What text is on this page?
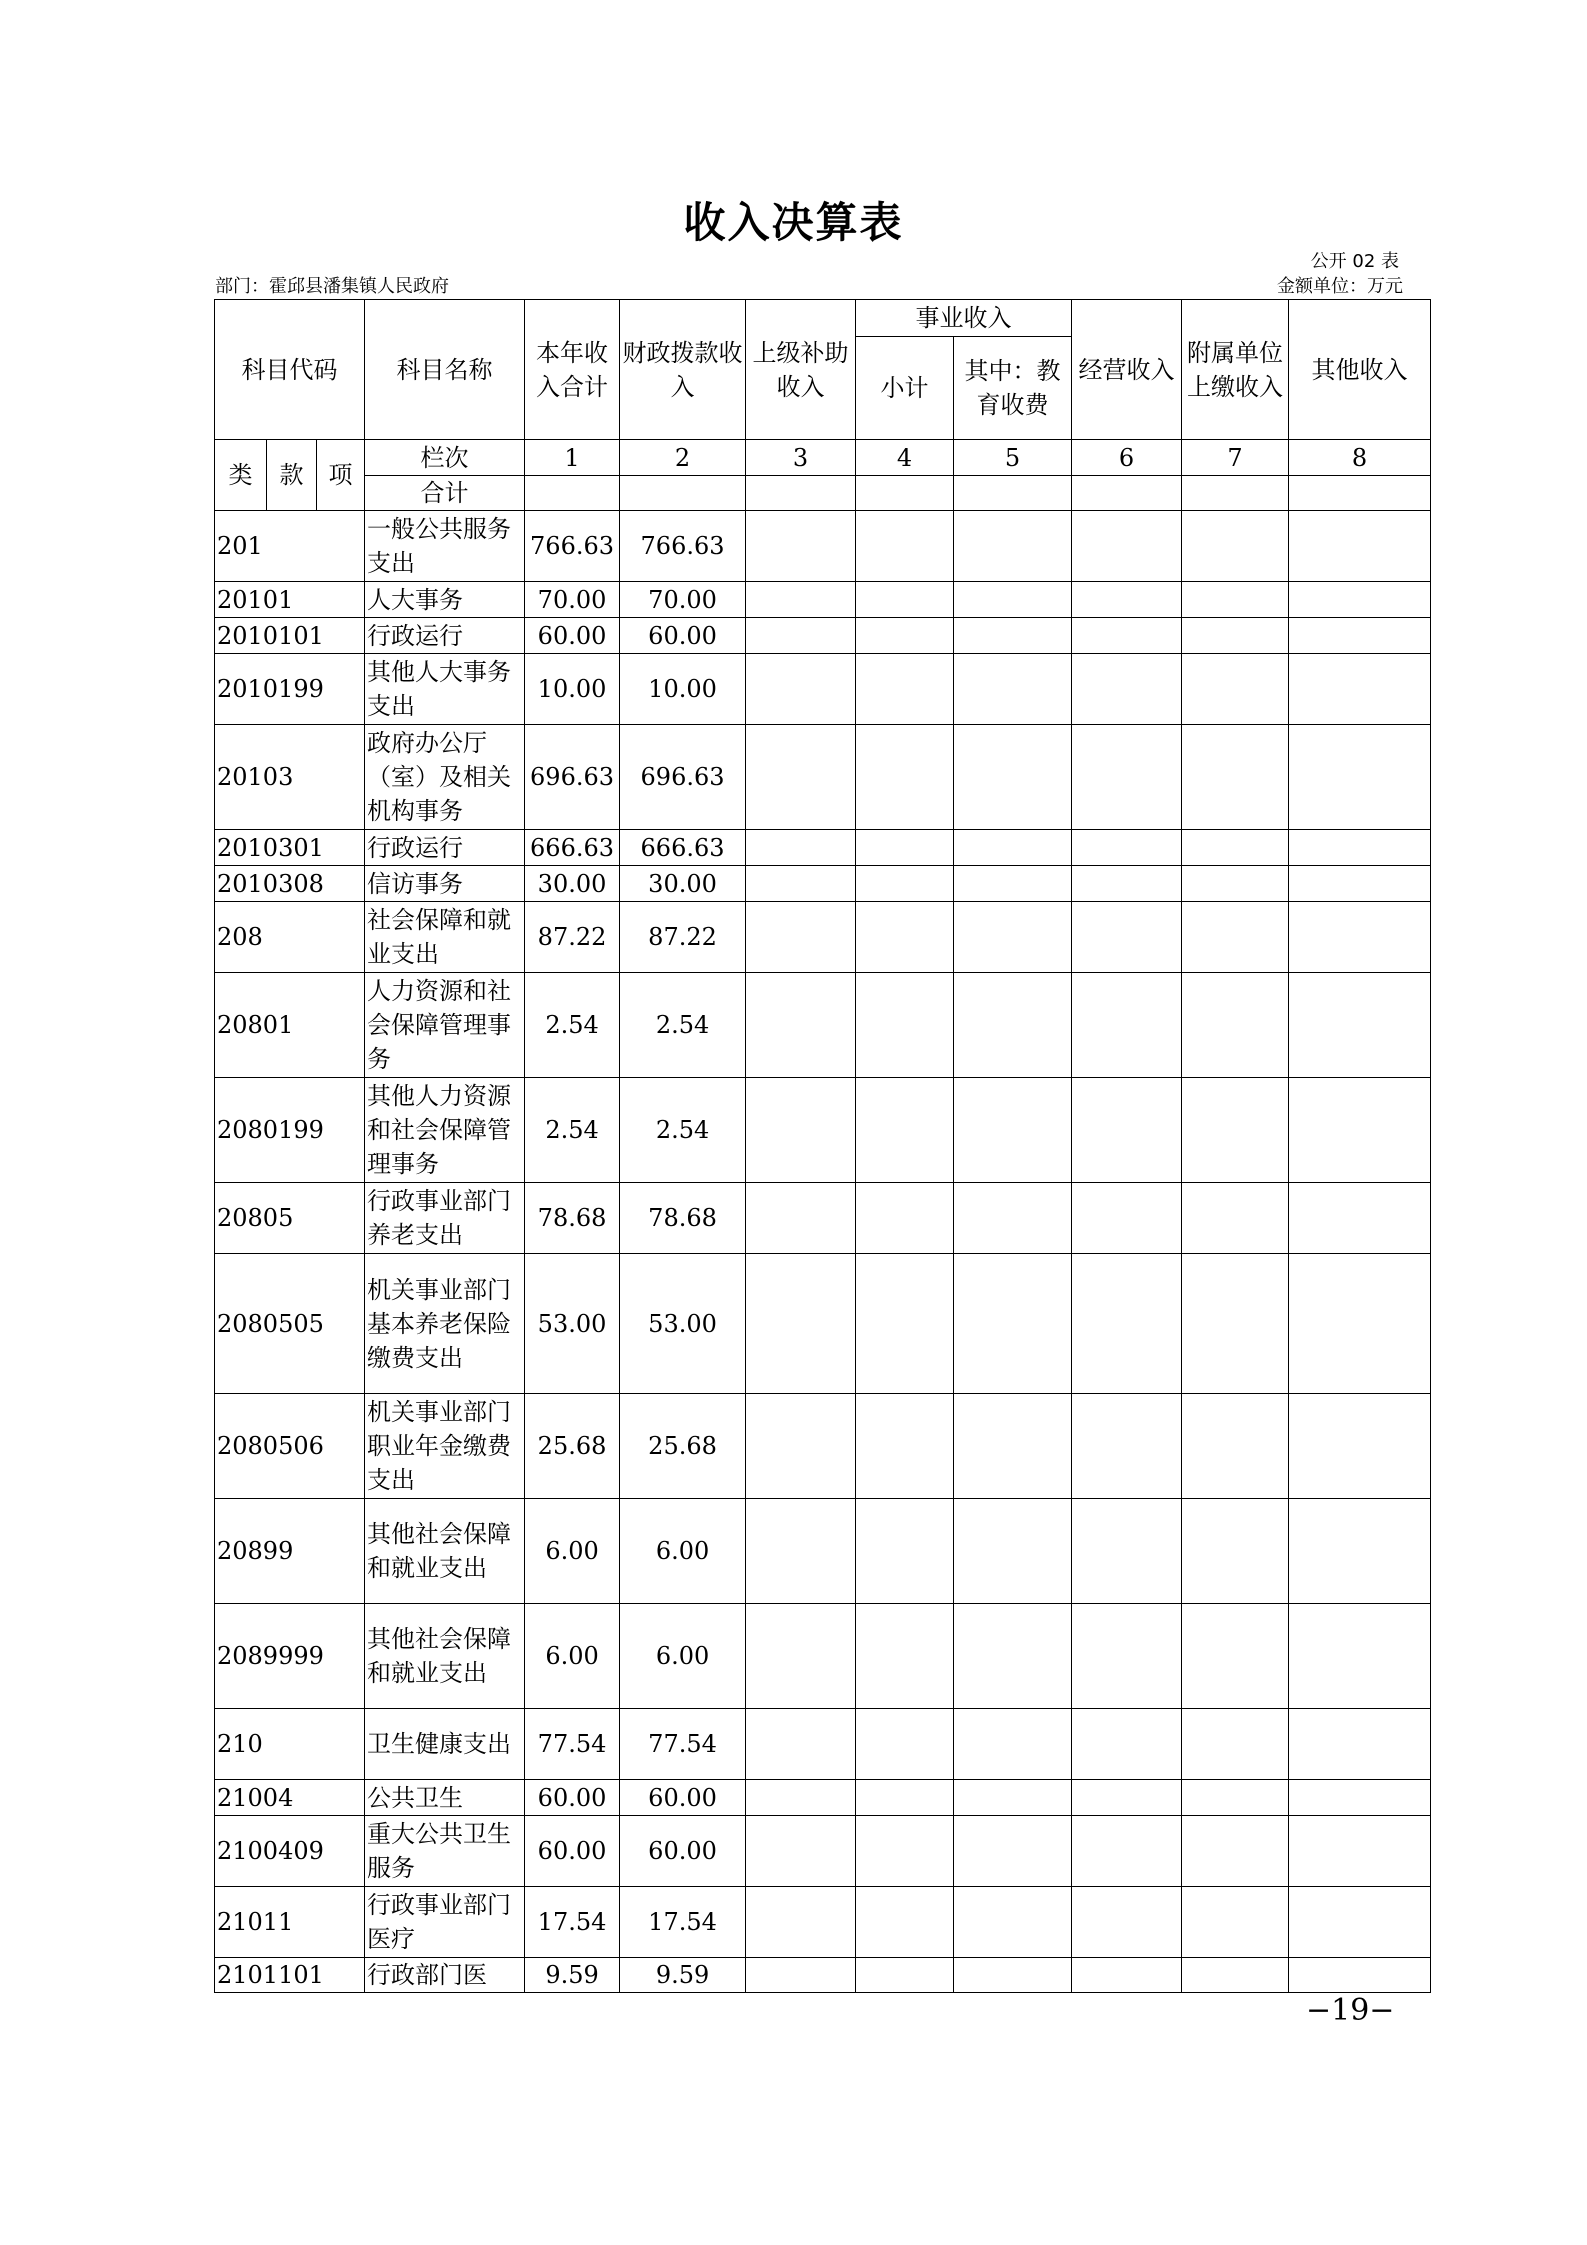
收入决算表
公开 02 表
部门：霍邱县潘集镇人民政府	金额单位：万元
科目代码			科目名称	本年收入合计	财政拨款收入	上级补助收入	事业收入		经营收入	附属单位上缴收入	其他收入
							小计	其中：教育收费			
类	款	项	栏次	1	2	3	4	5	6	7	8
			合计								
201			一般公共服务支出	766.63	766.63						
20101			人大事务	70.00	70.00						
2010101			行政运行	60.00	60.00						
2010199			其他人大事务支出	10.00	10.00						
20103			政府办公厅（室）及相关机构事务	696.63	696.63						
2010301			行政运行	666.63	666.63						
2010308			信访事务	30.00	30.00						
208			社会保障和就业支出	87.22	87.22						
20801			人力资源和社会保障管理事务	2.54	2.54						
2080199			其他人力资源和社会保障管理事务	2.54	2.54						
20805			行政事业部门养老支出	78.68	78.68						
2080505			机关事业部门基本养老保险缴费支出	53.00	53.00						
2080506			机关事业部门职业年金缴费支出	25.68	25.68						
20899			其他社会保障和就业支出	6.00	6.00						
2089999			其他社会保障和就业支出	6.00	6.00						
210			卫生健康支出	77.54	77.54						
21004			公共卫生	60.00	60.00						
2100409			重大公共卫生服务	60.00	60.00						
21011			行政事业部门医疗	17.54	17.54						
2101101			行政部门医	9.59	9.59						
−19−
